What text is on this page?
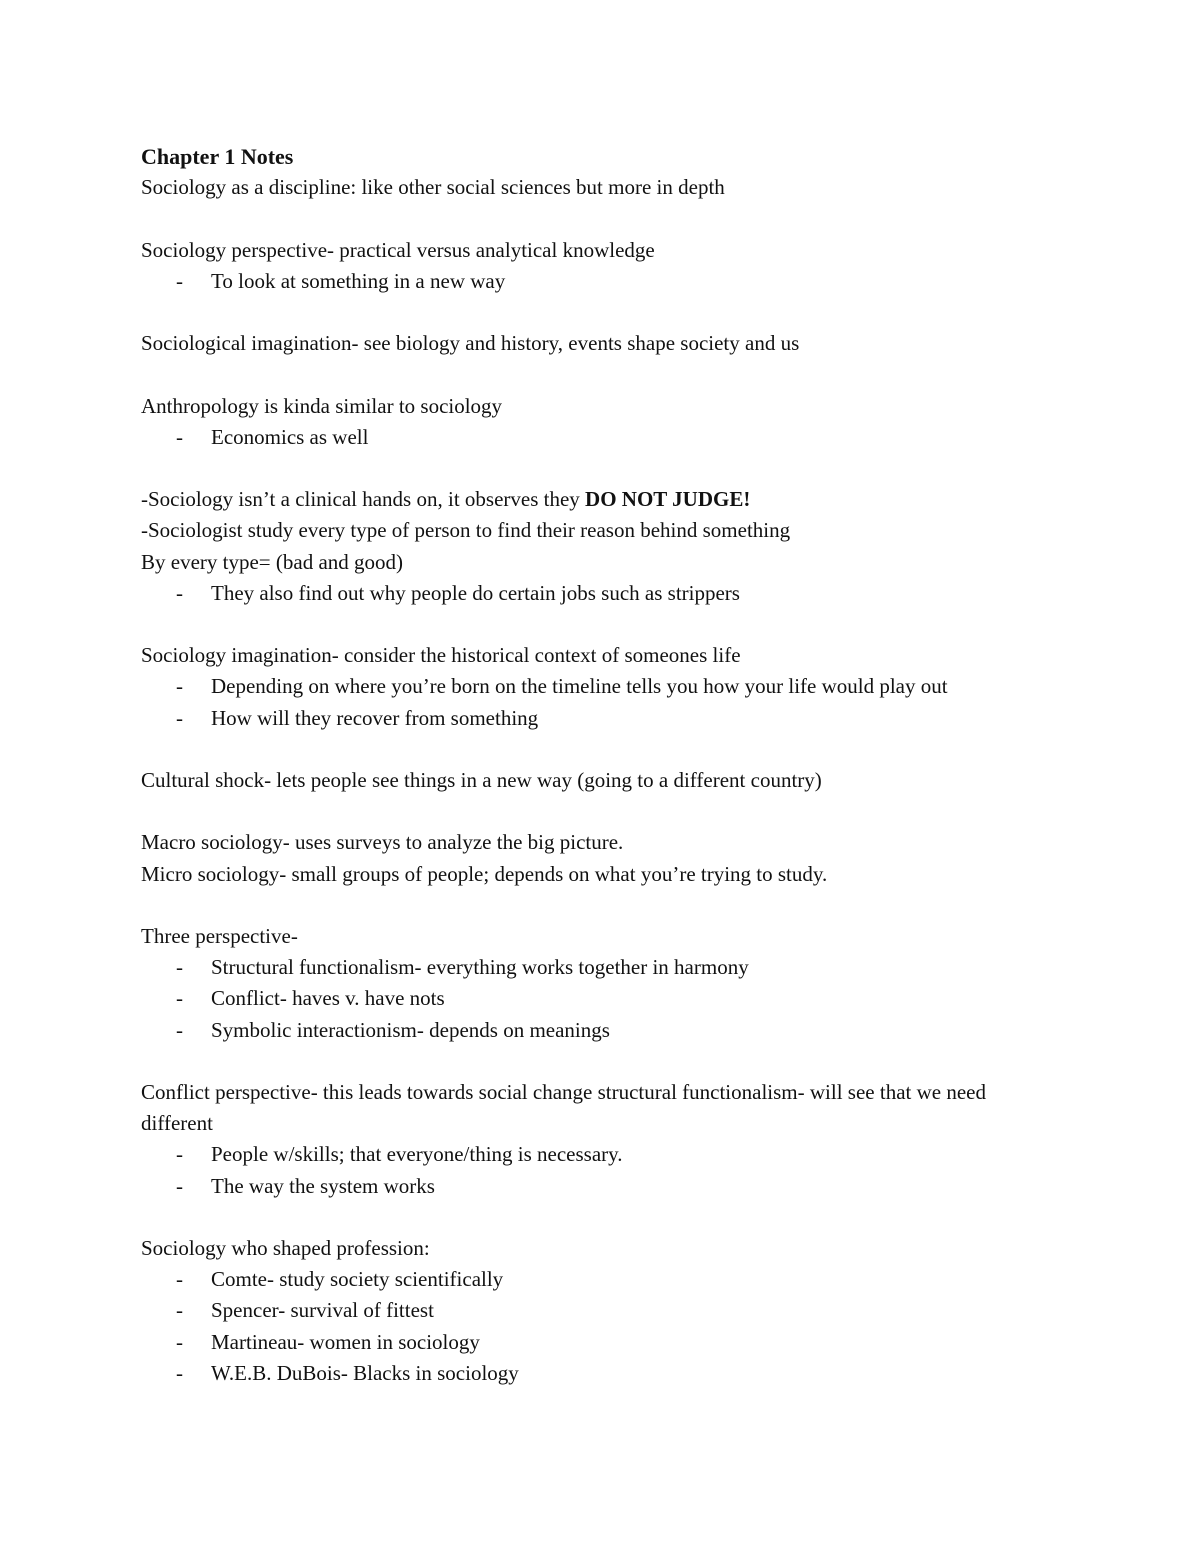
Chapter 1 Notes
Sociology as a discipline: like other social sciences but more in depth
Sociology perspective- practical versus analytical knowledge
- To look at something in a new way
Sociological imagination- see biology and history, events shape society and us
Anthropology is kinda similar to sociology
- Economics as well
-Sociology isn’t a clinical hands on, it observes they DO NOT JUDGE!
-Sociologist study every type of person to find their reason behind something
By every type= (bad and good)
- They also find out why people do certain jobs such as strippers
Sociology imagination- consider the historical context of someones life
- Depending on where you’re born on the timeline tells you how your life would play out
- How will they recover from something
Cultural shock- lets people see things in a new way (going to a different country)
Macro sociology- uses surveys to analyze the big picture.
Micro sociology- small groups of people; depends on what you’re trying to study.
Three perspective-
- Structural functionalism- everything works together in harmony
- Conflict- haves v. have nots
- Symbolic interactionism- depends on meanings
Conflict perspective- this leads towards social change structural functionalism- will see that we need different
- People w/skills; that everyone/thing is necessary.
- The way the system works
Sociology who shaped profession:
- Comte- study society scientifically
- Spencer- survival of fittest
- Martineau- women in sociology
- W.E.B. DuBois- Blacks in sociology
